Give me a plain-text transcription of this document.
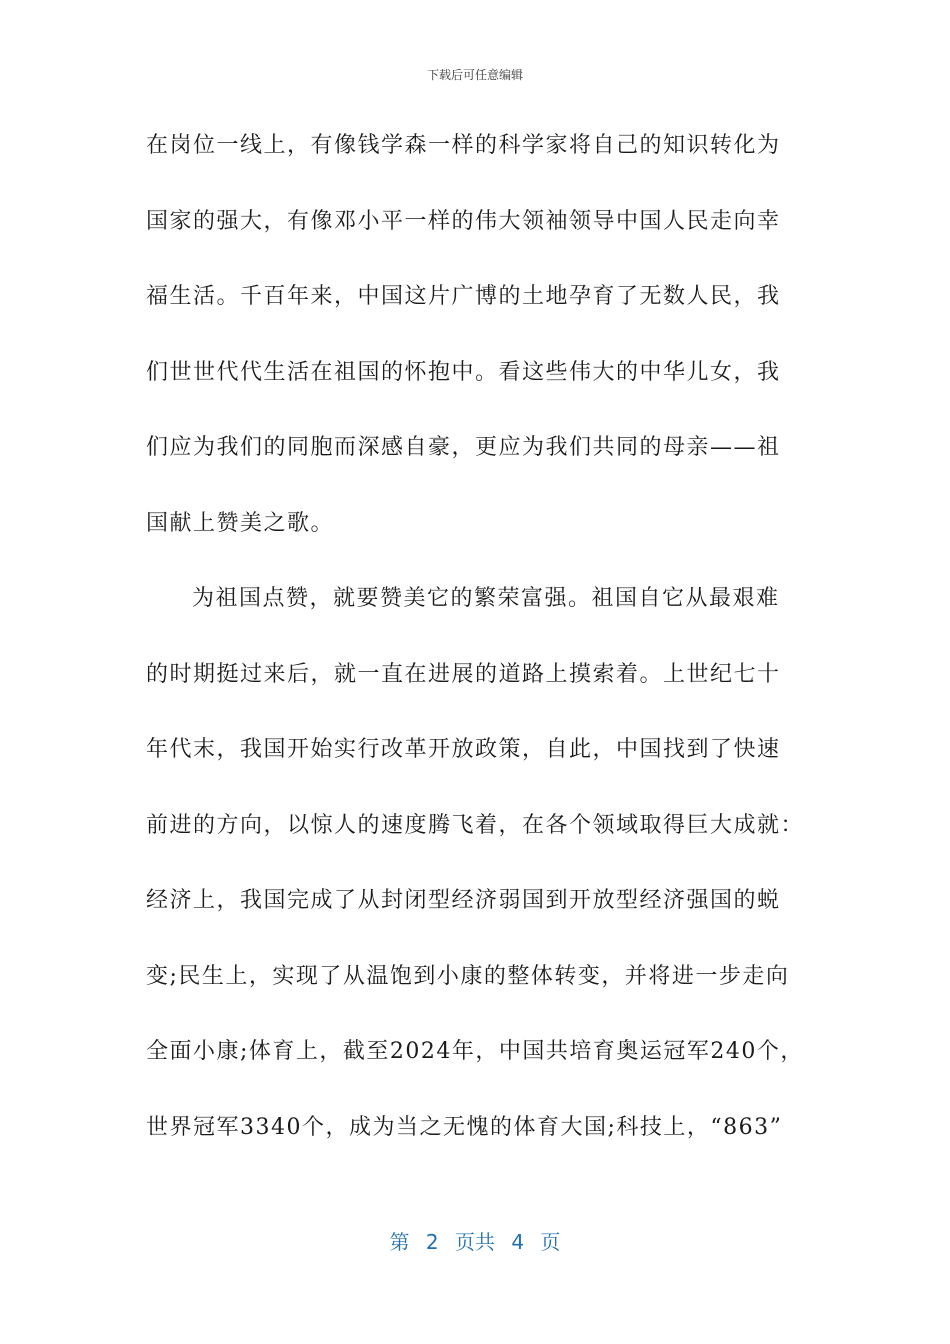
下载后可任意编辑
在岗位一线上，有像钱学森一样的科学家将自己的知识转化为
国家的强大，有像邓小平一样的伟大领袖领导中国人民走向幸
福生活。千百年来，中国这片广博的土地孕育了无数人民，我
们世世代代生活在祖国的怀抱中。看这些伟大的中华儿女，我
们应为我们的同胞而深感自豪，更应为我们共同的母亲——祖
国献上赞美之歌。
为祖国点赞，就要赞美它的繁荣富强。祖国自它从最艰难
的时期挺过来后，就一直在进展的道路上摸索着。上世纪七十
年代末，我国开始实行改革开放政策，自此，中国找到了快速
前进的方向，以惊人的速度腾飞着，在各个领域取得巨大成就：
经济上，我国完成了从封闭型经济弱国到开放型经济强国的蜕
变;民生上，实现了从温饱到小康的整体转变，并将进一步走向
全面小康;体育上，截至2024年，中国共培育奥运冠军240个，
世界冠军3340个，成为当之无愧的体育大国;科技上，“863”
第 2 页共 4 页
